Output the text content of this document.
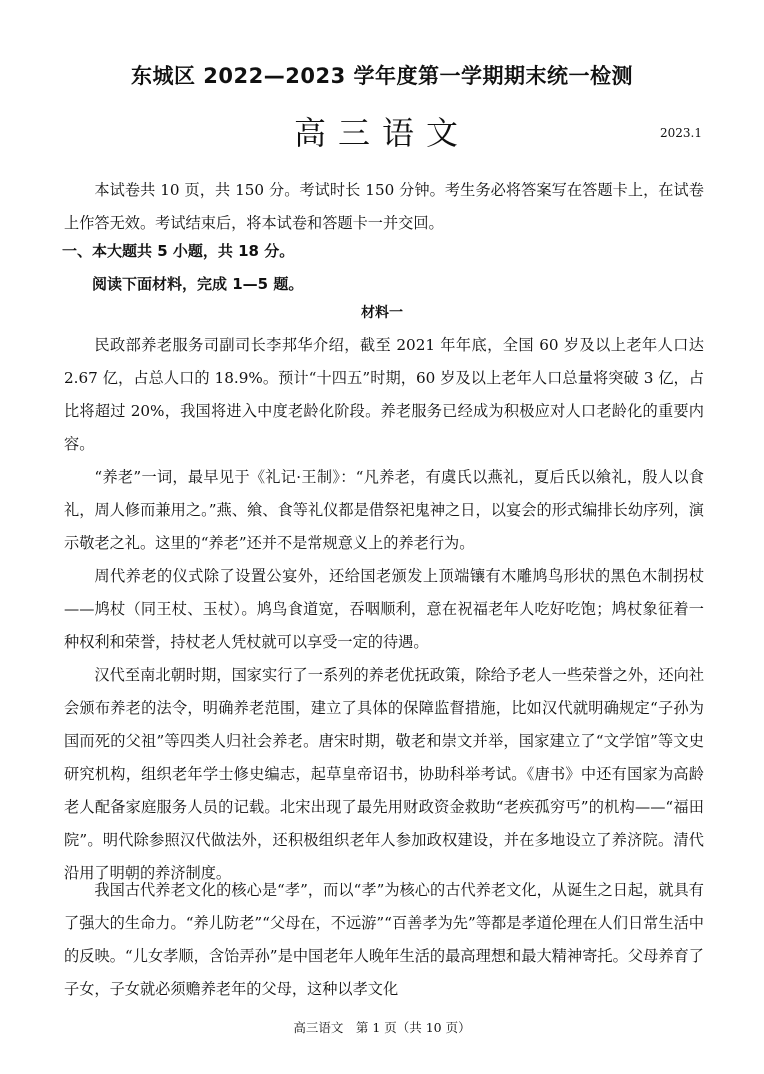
东城区 2022—2023 学年度第一学期期末统一检测
高三语文	2023.1

本试卷共 10 页，共 150 分。考试时长 150 分钟。考生务必将答案写在答题卡上，在试卷上作答无效。考试结束后，将本试卷和答题卡一并交回。

一、本大题共 5 小题，共 18 分。
阅读下面材料，完成 1—5 题。
材料一

民政部养老服务司副司长李邦华介绍，截至 2021 年年底，全国 60 岁及以上老年人口达 2.67 亿，占总人口的 18.9%。预计“十四五”时期，60 岁及以上老年人口总量将突破 3 亿，占比将超过 20%，我国将进入中度老龄化阶段。养老服务已经成为积极应对人口老龄化的重要内容。

“养老”一词，最早见于《礼记·王制》：“凡养老，有虞氏以燕礼，夏后氏以飨礼，殷人以食礼，周人修而兼用之。”燕、飨、食等礼仪都是借祭祀鬼神之日，以宴会的形式编排长幼序列，演示敬老之礼。这里的“养老”还并不是常规意义上的养老行为。

周代养老的仪式除了设置公宴外，还给国老颁发上顶端镶有木雕鸠鸟形状的黑色木制拐杖——鸠杖（同王杖、玉杖）。鸠鸟食道宽，吞咽顺利，意在祝福老年人吃好吃饱；鸠杖象征着一种权利和荣誉，持杖老人凭杖就可以享受一定的待遇。

汉代至南北朝时期，国家实行了一系列的养老优抚政策，除给予老人一些荣誉之外，还向社会颁布养老的法令，明确养老范围，建立了具体的保障监督措施，比如汉代就明确规定“子孙为国而死的父祖”等四类人归社会养老。唐宋时期，敬老和崇文并举，国家建立了“文学馆”等文史研究机构，组织老年学士修史编志，起草皇帝诏书，协助科举考试。《唐书》中还有国家为高龄老人配备家庭服务人员的记载。北宋出现了最先用财政资金救助“老疾孤穷丐”的机构——“福田院”。明代除参照汉代做法外，还积极组织老年人参加政权建设，并在多地设立了养济院。清代沿用了明朝的养济制度。

我国古代养老文化的核心是“孝”，而以“孝”为核心的古代养老文化，从诞生之日起，就具有了强大的生命力。“养儿防老”“父母在，不远游”“百善孝为先”等都是孝道伦理在人们日常生活中的反映。“儿女孝顺，含饴弄孙”是中国老年人晚年生活的最高理想和最大精神寄托。父母养育了子女，子女就必须赡养老年的父母，这种以孝文化

高三语文　第 1 页（共 10 页）
